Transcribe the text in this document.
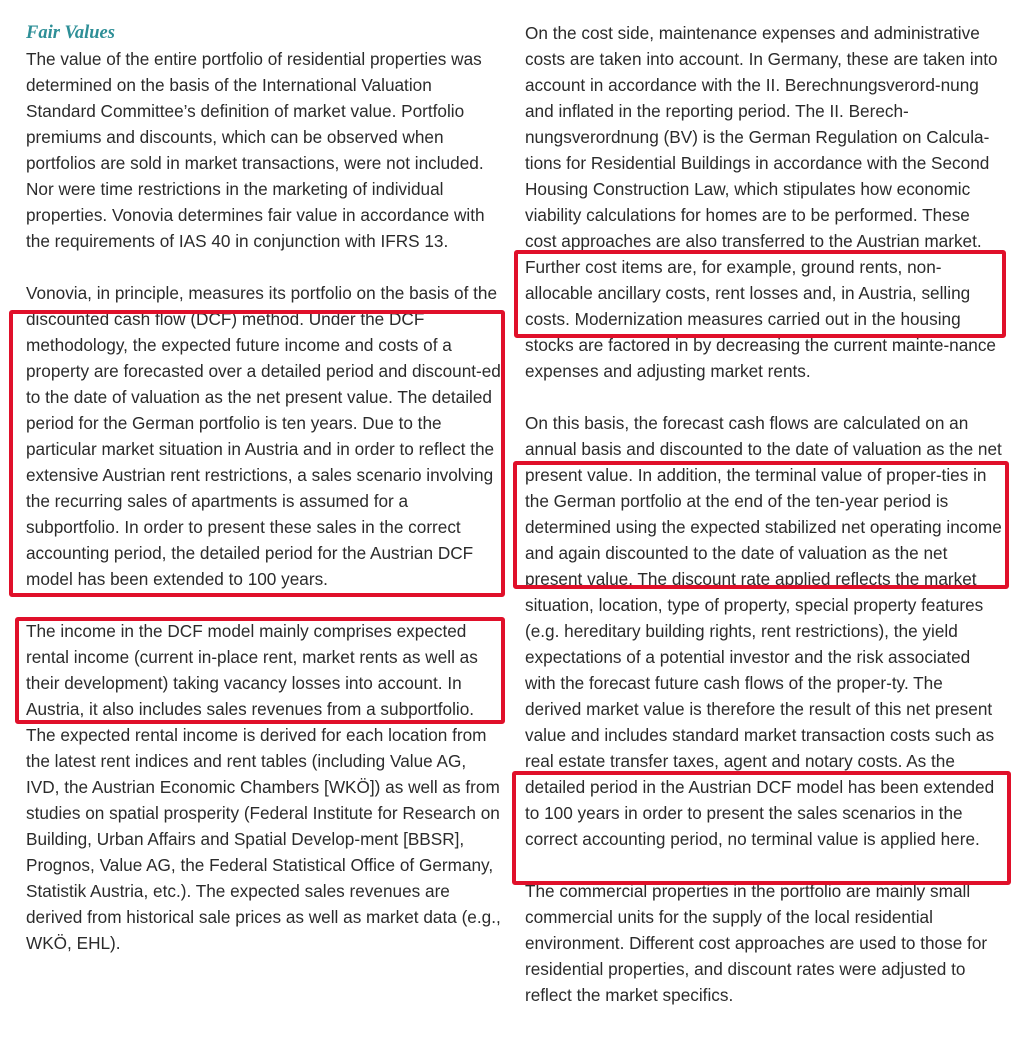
Fair Values

The value of the entire portfolio of residential properties was determined on the basis of the International Valuation Standard Committee’s definition of market value. Portfolio premiums and discounts, which can be observed when portfolios are sold in market transactions, were not included. Nor were time restrictions in the marketing of individual properties. Vonovia determines fair value in accordance with the requirements of IAS 40 in conjunction with IFRS 13.

Vonovia, in principle, measures its portfolio on the basis of the discounted cash flow (DCF) method. Under the DCF methodology, the expected future income and costs of a property are forecasted over a detailed period and discount-ed to the date of valuation as the net present value. The detailed period for the German portfolio is ten years. Due to the particular market situation in Austria and in order to reflect the extensive Austrian rent restrictions, a sales scenario involving the recurring sales of apartments is assumed for a subportfolio. In order to present these sales in the correct accounting period, the detailed period for the Austrian DCF model has been extended to 100 years.

The income in the DCF model mainly comprises expected rental income (current in-place rent, market rents as well as their development) taking vacancy losses into account. In Austria, it also includes sales revenues from a subportfolio. The expected rental income is derived for each location from the latest rent indices and rent tables (including Value AG, IVD, the Austrian Economic Chambers [WKÖ]) as well as from studies on spatial prosperity (Federal Institute for Research on Building, Urban Affairs and Spatial Develop-ment [BBSR], Prognos, Value AG, the Federal Statistical Office of Germany, Statistik Austria, etc.). The expected sales revenues are derived from historical sale prices as well as market data (e.g., WKÖ, EHL).

On the cost side, maintenance expenses and administrative costs are taken into account. In Germany, these are taken into account in accordance with the II. Berechnungsverord-nung and inflated in the reporting period. The II. Berech-nungsverordnung (BV) is the German Regulation on Calcula-tions for Residential Buildings in accordance with the Second Housing Construction Law, which stipulates how economic viability calculations for homes are to be performed. These cost approaches are also transferred to the Austrian market. Further cost items are, for example, ground rents, non-allocable ancillary costs, rent losses and, in Austria, selling costs. Modernization measures carried out in the housing stocks are factored in by decreasing the current mainte-nance expenses and adjusting market rents.

On this basis, the forecast cash flows are calculated on an annual basis and discounted to the date of valuation as the net present value. In addition, the terminal value of proper-ties in the German portfolio at the end of the ten-year period is determined using the expected stabilized net operating income and again discounted to the date of valuation as the net present value. The discount rate applied reflects the market situation, location, type of property, special property features (e.g. hereditary building rights, rent restrictions), the yield expectations of a potential investor and the risk associated with the forecast future cash flows of the proper-ty. The derived market value is therefore the result of this net present value and includes standard market transaction costs such as real estate transfer taxes, agent and notary costs. As the detailed period in the Austrian DCF model has been extended to 100 years in order to present the sales scenarios in the correct accounting period, no terminal value is applied here.

The commercial properties in the portfolio are mainly small commercial units for the supply of the local residential environment. Different cost approaches are used to those for residential properties, and discount rates were adjusted to reflect the market specifics.
